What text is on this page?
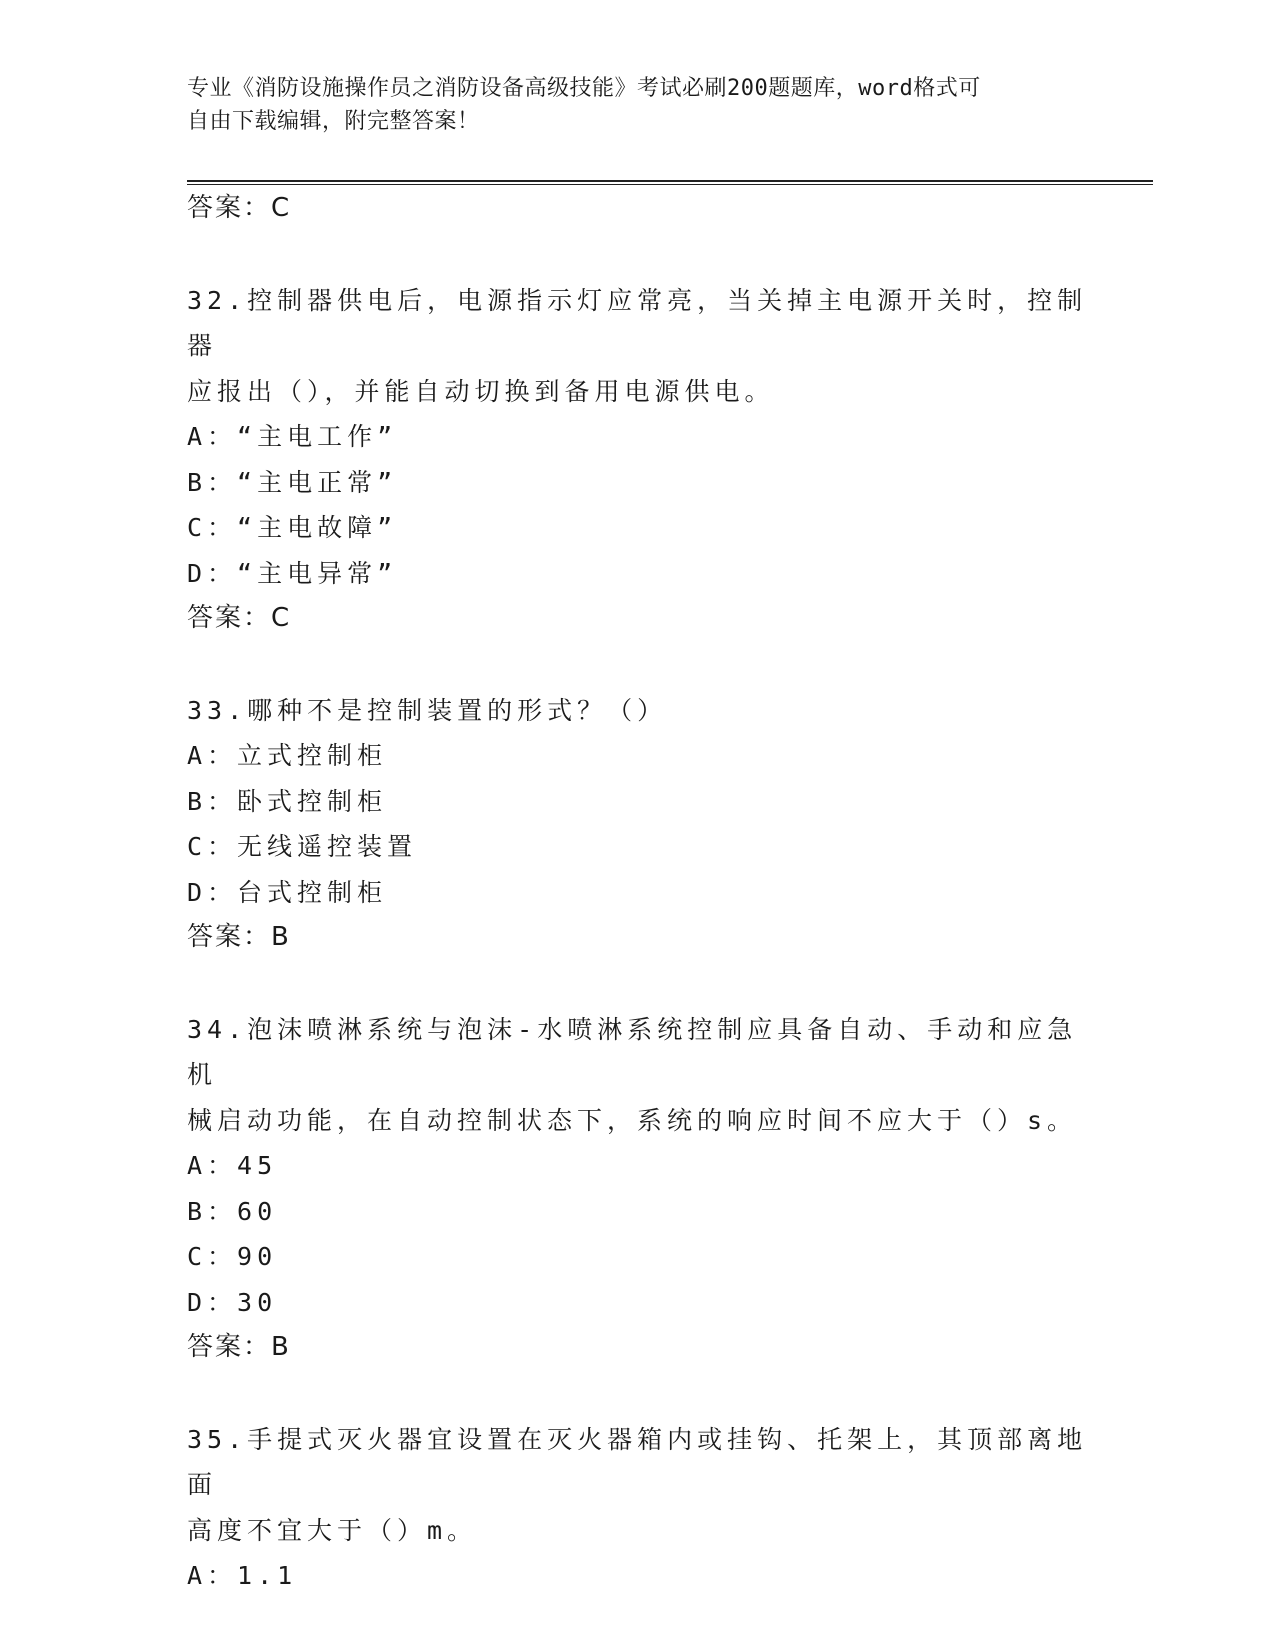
专业《消防设施操作员之消防设备高级技能》考试必刷200题题库，word格式可
自由下载编辑，附完整答案！
答案：C
32.控制器供电后，电源指示灯应常亮，当关掉主电源开关时，控制器
应报出（），并能自动切换到备用电源供电。
A：“主电工作”
B：“主电正常”
C：“主电故障”
D：“主电异常”
答案：C
33.哪种不是控制装置的形式？（）
A：立式控制柜
B：卧式控制柜
C：无线遥控装置
D：台式控制柜
答案：B
34.泡沫喷淋系统与泡沫-水喷淋系统控制应具备自动、手动和应急机
械启动功能，在自动控制状态下，系统的响应时间不应大于（）s。
A：45
B：60
C：90
D：30
答案：B
35.手提式灭火器宜设置在灭火器箱内或挂钩、托架上，其顶部离地面
高度不宜大于（）m。
A：1.1
